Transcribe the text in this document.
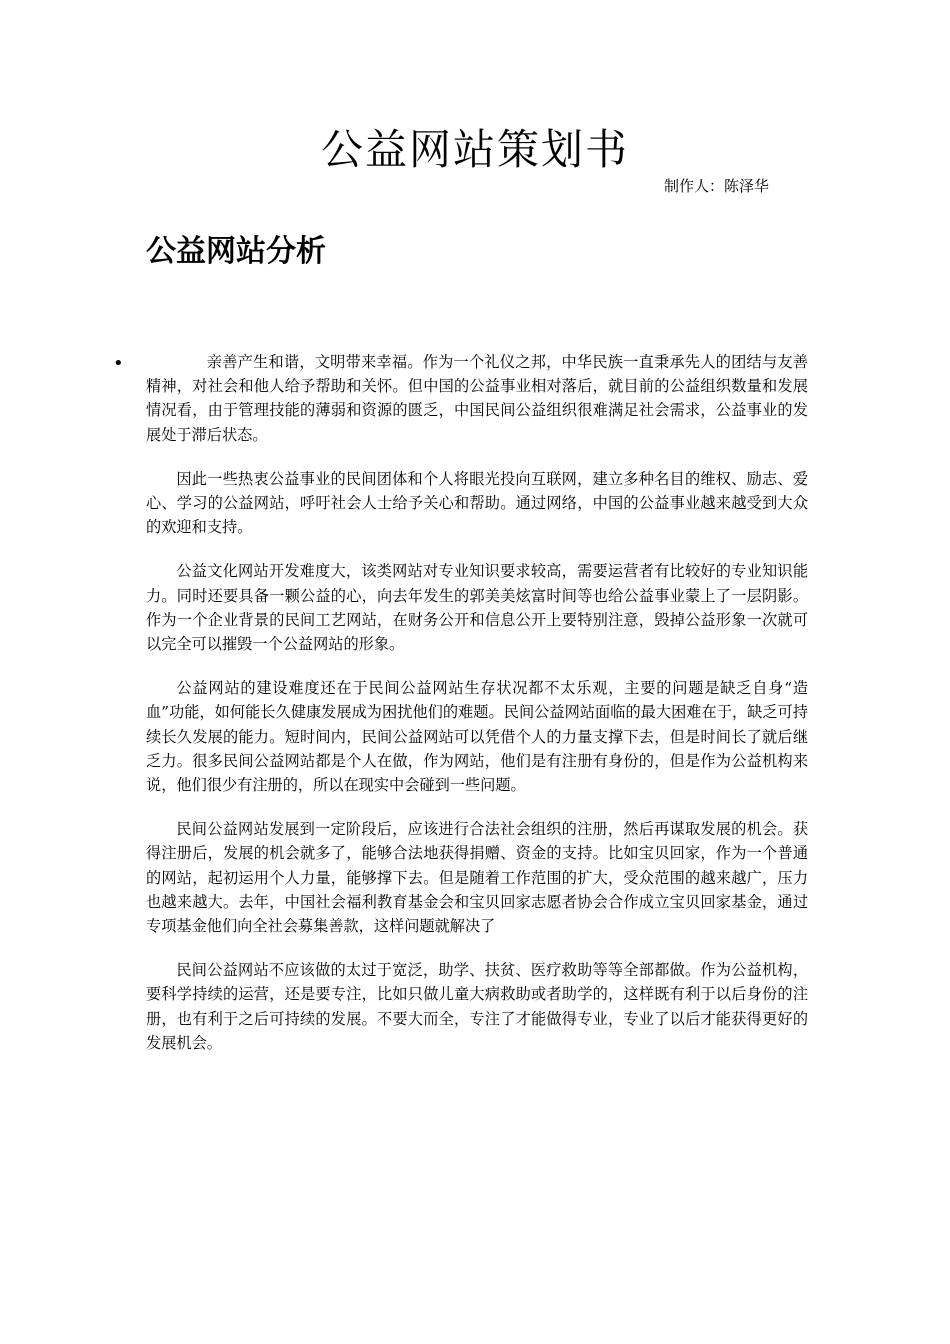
公益网站策划书
制作人：陈泽华
公益网站分析
•	亲善产生和谐，文明带来幸福。作为一个礼仪之邦，中华民族一直秉承先人的团结与友善精神，对社会和他人给予帮助和关怀。但中国的公益事业相对落后，就目前的公益组织数量和发展情况看，由于管理技能的薄弱和资源的匮乏，中国民间公益组织很难满足社会需求，公益事业的发展处于滞后状态。

因此一些热衷公益事业的民间团体和个人将眼光投向互联网，建立多种名目的维权、励志、爱心、学习的公益网站，呼吁社会人士给予关心和帮助。通过网络，中国的公益事业越来越受到大众的欢迎和支持。

公益文化网站开发难度大，该类网站对专业知识要求较高，需要运营者有比较好的专业知识能力。同时还要具备一颗公益的心，向去年发生的郭美美炫富时间等也给公益事业蒙上了一层阴影。作为一个企业背景的民间工艺网站，在财务公开和信息公开上要特别注意，毁掉公益形象一次就可以完全可以摧毁一个公益网站的形象。

公益网站的建设难度还在于民间公益网站生存状况都不太乐观，主要的问题是缺乏自身“造血”功能，如何能长久健康发展成为困扰他们的难题。民间公益网站面临的最大困难在于，缺乏可持续长久发展的能力。短时间内，民间公益网站可以凭借个人的力量支撑下去，但是时间长了就后继乏力。很多民间公益网站都是个人在做，作为网站，他们是有注册有身份的，但是作为公益机构来说，他们很少有注册的，所以在现实中会碰到一些问题。

民间公益网站发展到一定阶段后，应该进行合法社会组织的注册，然后再谋取发展的机会。获得注册后，发展的机会就多了，能够合法地获得捐赠、资金的支持。比如宝贝回家，作为一个普通的网站，起初运用个人力量，能够撑下去。但是随着工作范围的扩大，受众范围的越来越广，压力也越来越大。去年，中国社会福利教育基金会和宝贝回家志愿者协会合作成立宝贝回家基金，通过专项基金他们向全社会募集善款，这样问题就解决了

民间公益网站不应该做的太过于宽泛，助学、扶贫、医疗救助等等全部都做。作为公益机构，要科学持续的运营，还是要专注，比如只做儿童大病救助或者助学的，这样既有利于以后身份的注册，也有利于之后可持续的发展。不要大而全，专注了才能做得专业，专业了以后才能获得更好的发展机会。
